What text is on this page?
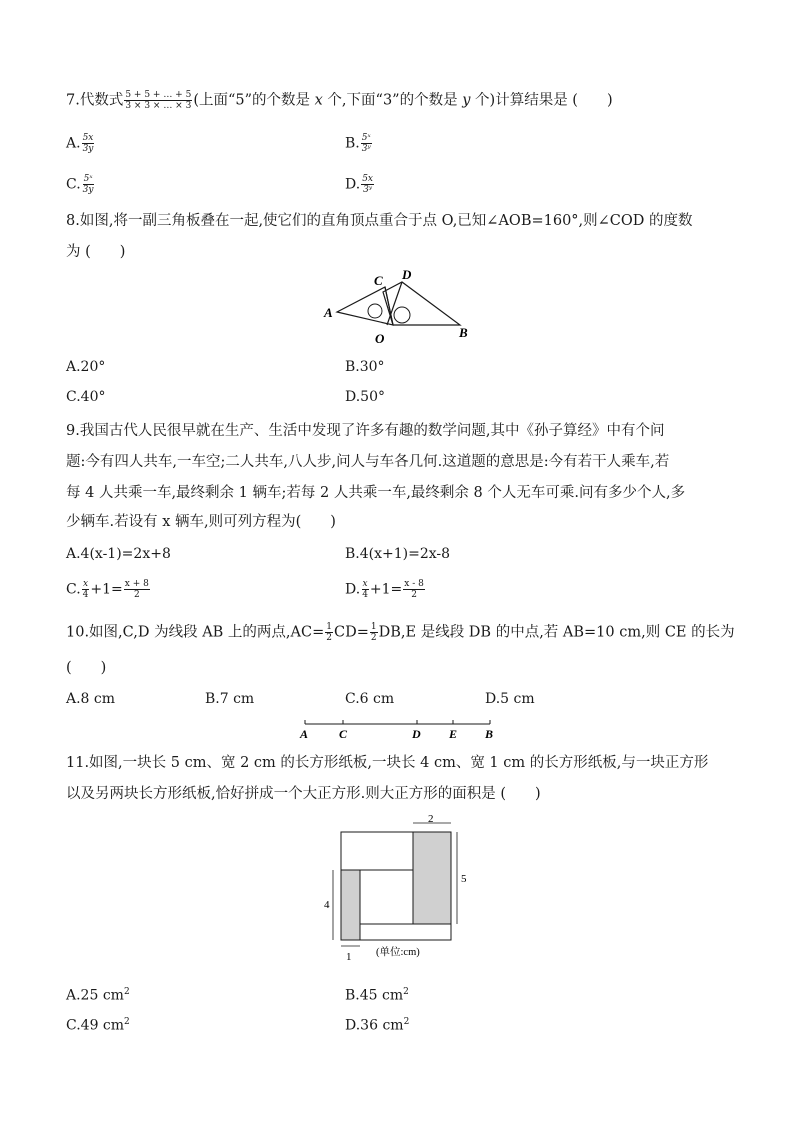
7.代数式 $\frac{5 + 5 + \dots + 5}{3 \times 3 \times \dots \times 3}$ (上面“5”的个数是 x 个,下面“3”的个数是 y 个)计算结果是 (　　)
A. $\frac{5x}{3y}$	B. $\frac{\text{5ˣ}}{\text{3ʸ}}$
C. $\frac{\text{5ˣ}}{3y}$	D. $\frac{5x}{\text{3ʸ}}$
8.如图,将一副三角板叠在一起,使它们的直角顶点重合于点 O,已知∠AOB=160°,则∠COD 的度数
为 (　　)
A
C D
O	B
A.20°	B.30°
C.40°	D.50°
9.我国古代人民很早就在生产、生活中发现了许多有趣的数学问题,其中《孙子算经》中有个问
题:今有四人共车,一车空;二人共车,八人步,问人与车各几何.这道题的意思是:今有若干人乘车,若
每 4 人共乘一车,最终剩余 1 辆车;若每 2 人共乘一车,最终剩余 8 个人无车可乘.问有多少个人,多
少辆车.若设有 x 辆车,则可列方程为(　　)
A.4(x-1)=2x+8	B.4(x+1)=2x-8
C. $\frac{x}{4} +1= \frac{x + 8}{2}$	D. $\frac{x}{4} +1= \frac{x - 8}{2}$
10.如图,C,D 为线段 AB 上的两点$,AC= \frac{1}{2} CD= \frac{1}{2} DB,E$ 是线段 DB 的中点,若 AB=10 cm,则 CE 的长为
(　　)
A.8 cm	B.7 cm	C.6 cm	D.5 cm
A	C	D E B
11.如图,一块长 5 cm、宽 2 cm 的长方形纸板,一块长 4 cm、宽 1 cm 的长方形纸板,与一块正方形
以及另两块长方形纸板,恰好拼成一个大正方形.则大正方形的面积是 (　　)
2
5
4
1 (单位:cm)
A.25 $cm^2$	B.45 $cm^2$
C.49 $cm^2$	D.36 $cm^2$
